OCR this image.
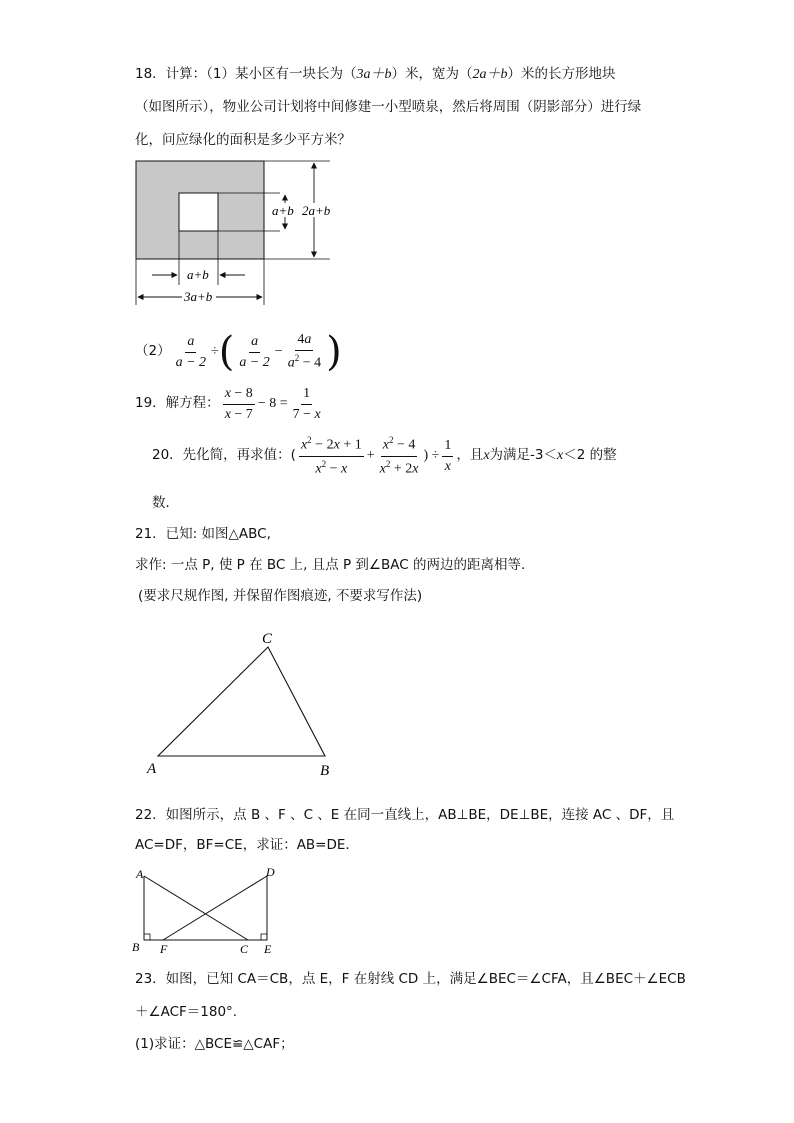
18．计算：（1）某小区有一块长为（3a＋b）米，宽为（2a＋b）米的长方形地块
（如图所示），物业公司计划将中间修建一小型喷泉，然后将周围（阴影部分）进行绿
化，问应绿化的面积是多少平方米？
a+b 2a+b
a+b
3a+b
$(2) \frac{a}{a - 2}$ ÷ ( $\frac{a}{a - 2} - \frac{4a}{a^2 - 4}$ )
19．解方程： $\frac{x - 8}{x - 7} - 8 = \frac{1}{7 - x}$
20．先化简，再求值：( $\frac{x^2 - 2x + 1}{x^2 - x} + \frac{x^2 - 4}{x^2 + 2x}$ ) ÷ $\frac{1}{x}$ ，且 x 为满足-3＜ x ＜2 的整
数．
21．已知: 如图△ABC,
求作: 一点 P, 使 P 在 BC 上, 且点 P 到∠BAC 的两边的距离相等.
(要求尺规作图, 并保留作图痕迹, 不要求写作法)
A	B
C
22．如图所示，点 B 、F 、C 、E 在同一直线上，AB⊥BE，DE⊥BE，连接 AC 、DF，且
AC=DF，BF=CE，求证：AB=DE．
A
B F	C E
D
23．如图，已知 CA＝CB，点 E，F 在射线 CD 上，满足∠BEC＝∠CFA，且∠BEC＋∠ECB
＋∠ACF＝180°.
(1)求证：△BCE≌△CAF；
